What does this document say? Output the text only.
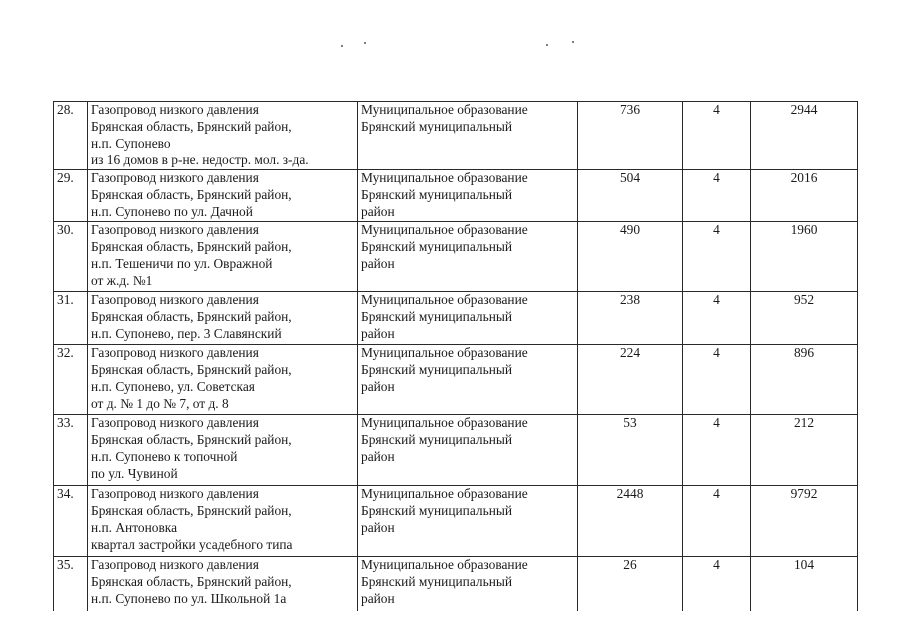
28.	Газопровод низкого давления
Брянская область, Брянский район,
н.п. Супонево
из 16 домов в р-не. недостр. мол. з-да.	Муниципальное образование
Брянский муниципальный	736	4	2944
29.	Газопровод низкого давления
Брянская область, Брянский район,
н.п. Супонево по ул. Дачной	Муниципальное образование
Брянский муниципальный
район	504	4	2016
30.	Газопровод низкого давления
Брянская область, Брянский район,
н.п. Тешеничи по ул. Овражной
от ж.д. №1	Муниципальное образование
Брянский муниципальный
район	490	4	1960
31.	Газопровод низкого давления
Брянская область, Брянский район,
н.п. Супонево, пер. 3 Славянский	Муниципальное образование
Брянский муниципальный
район	238	4	952
32.	Газопровод низкого давления
Брянская область, Брянский район,
н.п. Супонево, ул. Советская
от д. № 1 до № 7, от д. 8	Муниципальное образование
Брянский муниципальный
район	224	4	896
33.	Газопровод низкого давления
Брянская область, Брянский район,
н.п. Супонево к топочной
по ул. Чувиной	Муниципальное образование
Брянский муниципальный
район	53	4	212
34.	Газопровод низкого давления
Брянская область, Брянский район,
н.п. Антоновка
квартал застройки усадебного типа	Муниципальное образование
Брянский муниципальный
район	2448	4	9792
35.	Газопровод низкого давления
Брянская область, Брянский район,
н.п. Супонево по ул. Школьной 1а	Муниципальное образование
Брянский муниципальный
район	26	4	104
